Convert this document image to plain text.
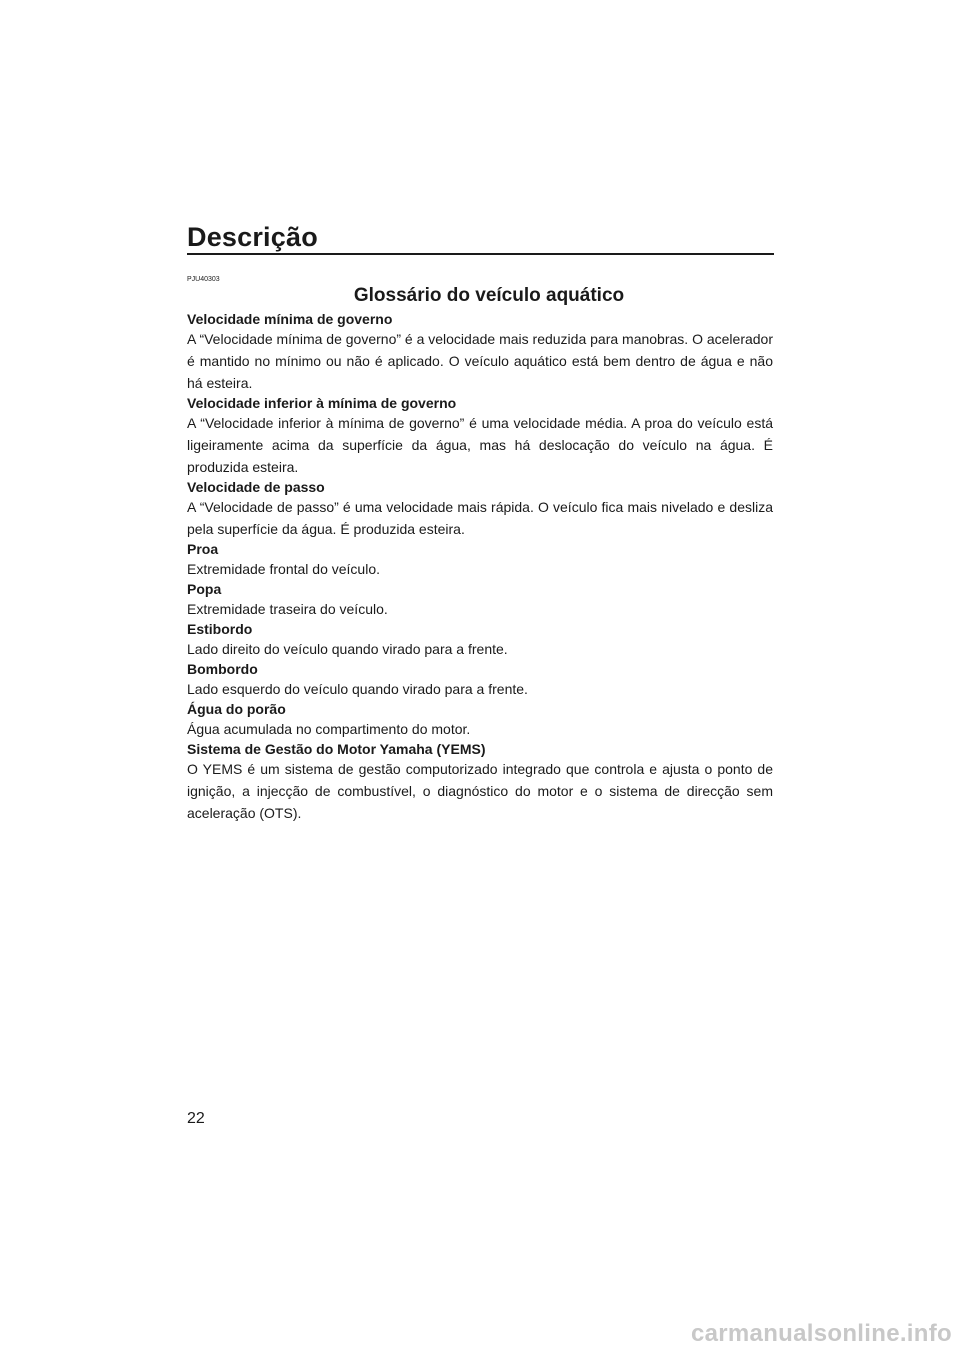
Descrição
PJU40303
Glossário do veículo aquático
Velocidade mínima de governo
A “Velocidade mínima de governo” é a velocidade mais reduzida para manobras. O acelerador é mantido no mínimo ou não é aplicado. O veículo aquático está bem dentro de água e não há esteira.
Velocidade inferior à mínima de governo
A “Velocidade inferior à mínima de governo” é uma velocidade média. A proa do veículo está ligeiramente acima da superfície da água, mas há deslocação do veículo na água. É produzida esteira.
Velocidade de passo
A “Velocidade de passo” é uma velocidade mais rápida. O veículo fica mais nivelado e desliza pela superfície da água. É produzida esteira.
Proa
Extremidade frontal do veículo.
Popa
Extremidade traseira do veículo.
Estibordo
Lado direito do veículo quando virado para a frente.
Bombordo
Lado esquerdo do veículo quando virado para a frente.
Água do porão
Água acumulada no compartimento do motor.
Sistema de Gestão do Motor Yamaha (YEMS)
O YEMS é um sistema de gestão computorizado integrado que controla e ajusta o ponto de ignição, a injecção de combustível, o diagnóstico do motor e o sistema de direcção sem aceleração (OTS).
22
carmanualsonline.info
